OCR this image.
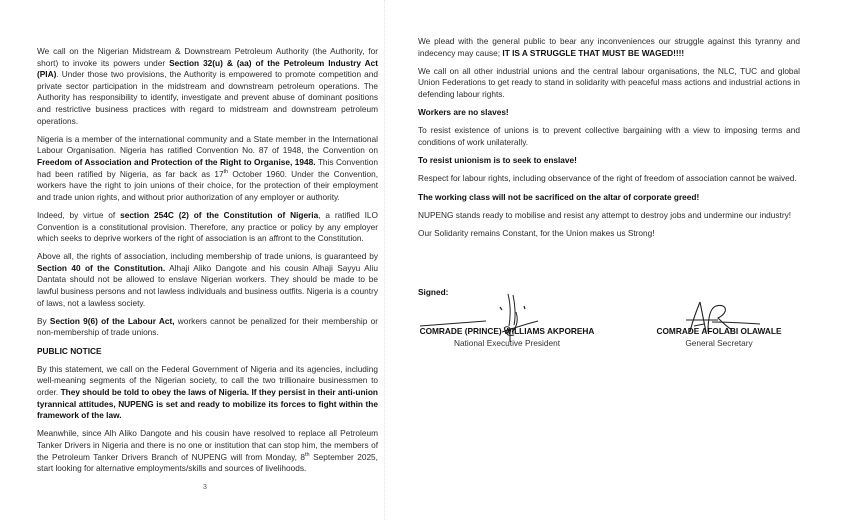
We call on the Nigerian Midstream & Downstream Petroleum Authority (the Authority, for short) to invoke its powers under Section 32(u) & (aa) of the Petroleum Industry Act (PIA). Under those two provisions, the Authority is empowered to promote competition and private sector participation in the midstream and downstream petroleum operations. The Authority has responsibility to identify, investigate and prevent abuse of dominant positions and restrictive business practices with regard to midstream and downstream petroleum operations.

Nigeria is a member of the international community and a State member in the International Labour Organisation. Nigeria has ratified Convention No. 87 of 1948, the Convention on Freedom of Association and Protection of the Right to Organise, 1948. This Convention had been ratified by Nigeria, as far back as 17th October 1960. Under the Convention, workers have the right to join unions of their choice, for the protection of their employment and trade union rights, and without prior authorization of any employer or authority.

Indeed, by virtue of section 254C (2) of the Constitution of Nigeria, a ratified ILO Convention is a constitutional provision. Therefore, any practice or policy by any employer which seeks to deprive workers of the right of association is an affront to the Constitution.

Above all, the rights of association, including membership of trade unions, is guaranteed by Section 40 of the Constitution. Alhaji Aliko Dangote and his cousin Alhaji Sayyu Aliu Dantata should not be allowed to enslave Nigerian workers. They should be made to be lawful business persons and not lawless individuals and business outfits. Nigeria is a country of laws, not a lawless society.

By Section 9(6) of the Labour Act, workers cannot be penalized for their membership or non-membership of trade unions.

PUBLIC NOTICE

By this statement, we call on the Federal Government of Nigeria and its agencies, including well-meaning segments of the Nigerian society, to call the two trillionaire businessmen to order. They should be told to obey the laws of Nigeria. If they persist in their anti-union tyrannical attitudes, NUPENG is set and ready to mobilize its forces to fight within the framework of the law.

Meanwhile, since Alh Aliko Dangote and his cousin have resolved to replace all Petroleum Tanker Drivers in Nigeria and there is no one or institution that can stop him, the members of the Petroleum Tanker Drivers Branch of NUPENG will from Monday, 8th September 2025, start looking for alternative employments/skills and sources of livelihoods.

3

We plead with the general public to bear any inconveniences our struggle against this tyranny and indecency may cause; IT IS A STRUGGLE THAT MUST BE WAGED!!!!

We call on all other industrial unions and the central labour organisations, the NLC, TUC and global Union Federations to get ready to stand in solidarity with peaceful mass actions and industrial actions in defending labour rights.

Workers are no slaves!

To resist existence of unions is to prevent collective bargaining with a view to imposing terms and conditions of work unilaterally.

To resist unionism is to seek to enslave!

Respect for labour rights, including observance of the right of freedom of association cannot be waived.

The working class will not be sacrificed on the altar of corporate greed!

NUPENG stands ready to mobilise and resist any attempt to destroy jobs and undermine our industry!

Our Solidarity remains Constant, for the Union makes us Strong!

Signed:
COMRADE (PRINCE) WILLIAMS AKPOREHA
National Executive President
COMRADE AFOLABI OLAWALE
General Secretary
